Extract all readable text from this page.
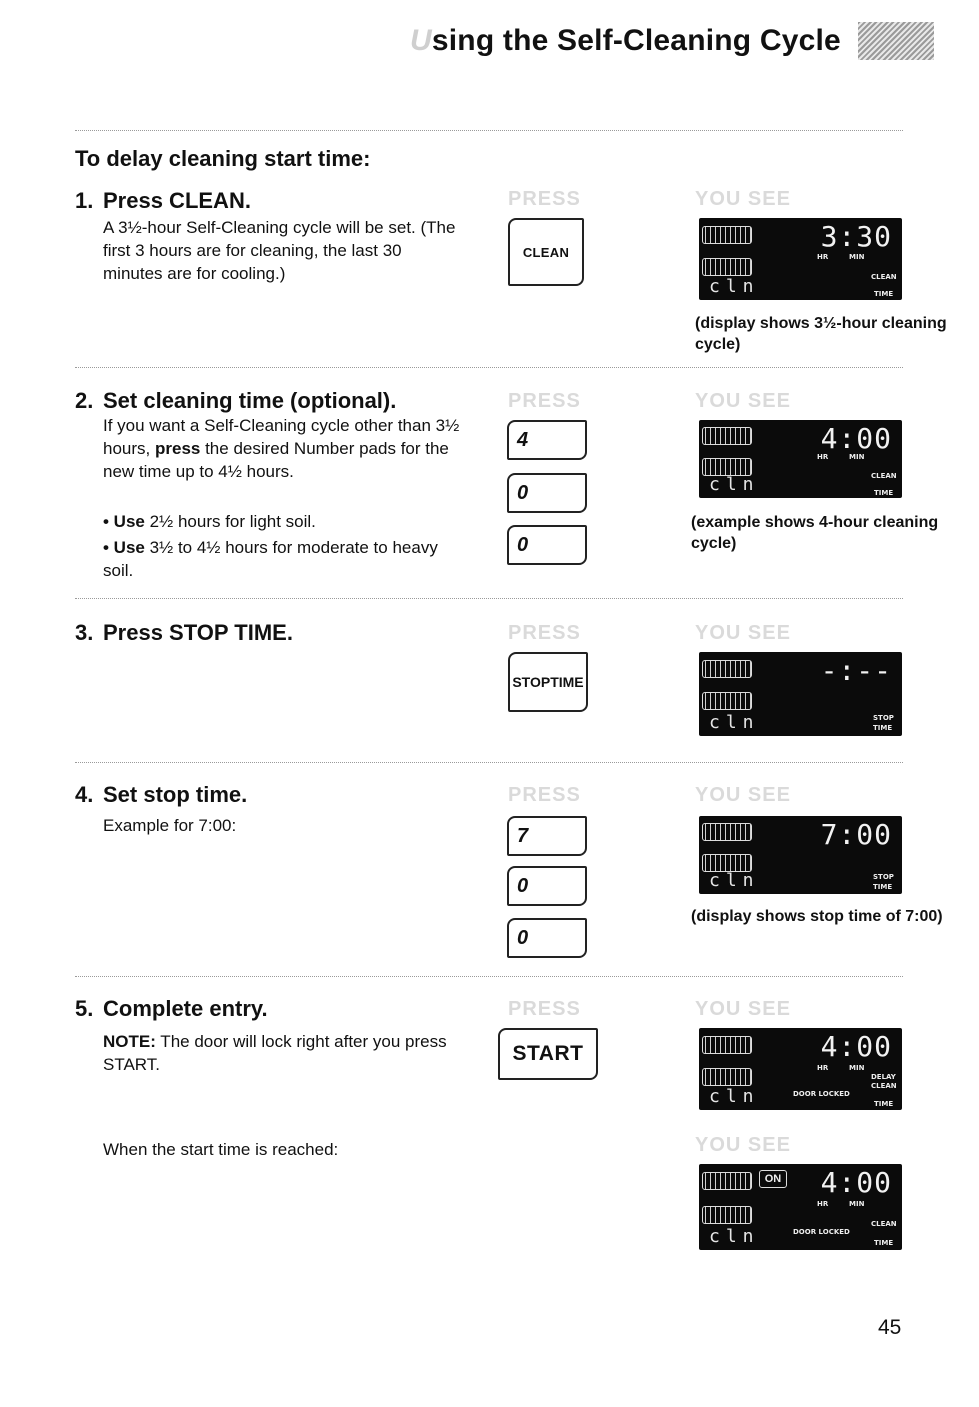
Using the Self-Cleaning Cycle
To delay cleaning start time:
1. Press CLEAN.
A 3½-hour Self-Cleaning cycle will be set. (The first 3 hours are for cleaning, the last 30 minutes are for cooling.)
PRESS	YOU SEE
CLEAN	3:30
HR	MIN
CLEAN
TIME
cln
(display shows 3½-hour cleaning cycle)
2. Set cleaning time (optional).
If you want a Self-Cleaning cycle other than 3½ hours, press the desired Number pads for the new time up to 4½ hours.
• Use 2½ hours for light soil.
• Use 3½ to 4½ hours for moderate to heavy soil.
PRESS	YOU SEE
4
0
0
4:00
HR	MIN
CLEAN
TIME
cln
(example shows 4-hour cleaning cycle)
3. Press STOP TIME.	PRESS	YOU SEE
STOP TIME	-:--
STOP
TIME
cln
4. Set stop time.
Example for 7:00:
PRESS	YOU SEE
7
0
0
7:00
STOP
TIME
cln
(display shows stop time of 7:00)
5. Complete entry.
NOTE: The door will lock right after you press START.
PRESS	YOU SEE
START	4:00
HR	MIN
DELAY
CLEAN
DOOR LOCKED
TIME
cln
When the start time is reached:	YOU SEE
ON 4:00
HR	MIN
CLEAN
DOOR LOCKED
TIME
cln
45
